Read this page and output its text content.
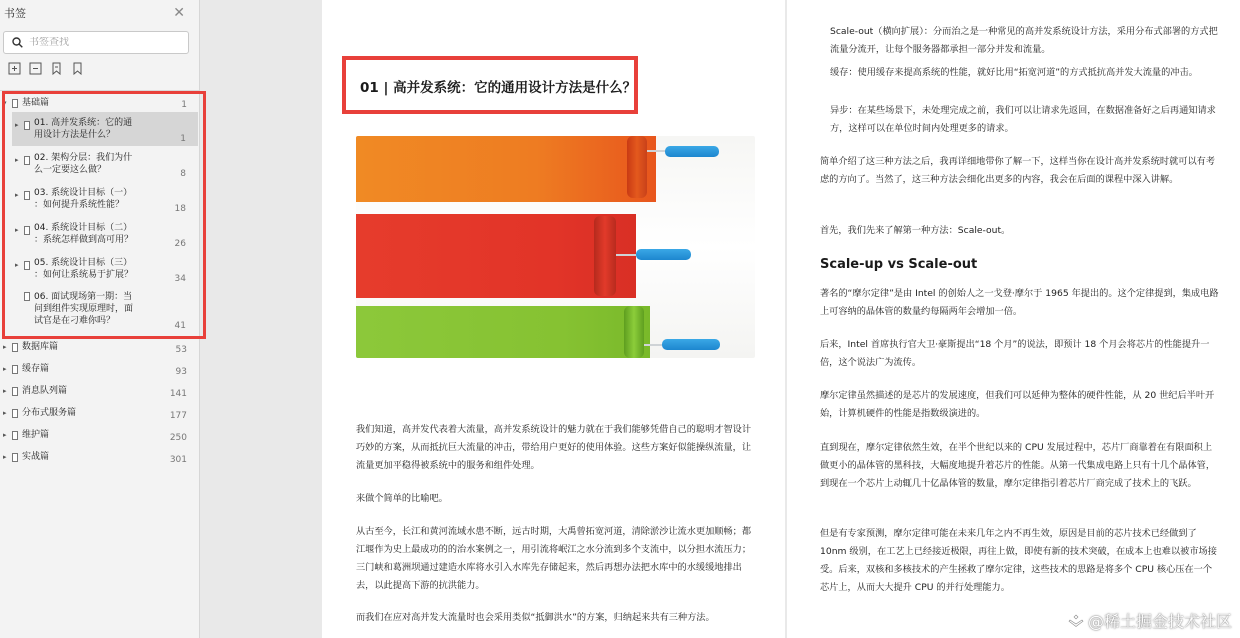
书签	✕
书签查找
▾ 基础篇	1
▸ 01. 高并发系统：它的通
用设计方法是什么？	1
▸ 02. 架构分层：我们为什
么一定要这么做？	8
▸ 03. 系统设计目标（一）
：如何提升系统性能？	18
▸ 04. 系统设计目标（二）
：系统怎样做到高可用？	26
▸ 05. 系统设计目标（三）
：如何让系统易于扩展？	34
06. 面试现场第一期：当
问到组件实现原理时，面
试官是在刁难你吗？	41
▸ 数据库篇	53
▸ 缓存篇	93
▸ 消息队列篇	141
▸ 分布式服务篇	177
▸ 维护篇	250
▸ 实战篇	301
01 | 高并发系统：它的通用设计方法是什么？
我们知道，高并发代表着大流量，高并发系统设计的魅力就在于我们能够凭借自己的聪明才智设计巧妙的方案，从而抵抗巨大流量的冲击，带给用户更好的使用体验。这些方案好似能操纵流量，让流量更加平稳得被系统中的服务和组件处理。
来做个简单的比喻吧。
从古至今，长江和黄河流域水患不断，远古时期，大禹曾拓宽河道，清除淤沙让流水更加顺畅；都江堰作为史上最成功的的治水案例之一，用引流将岷江之水分流到多个支流中，以分担水流压力；三门峡和葛洲坝通过建造水库将水引入水库先存储起来，然后再想办法把水库中的水缓缓地排出去，以此提高下游的抗洪能力。
而我们在应对高并发大流量时也会采用类似“抵御洪水”的方案，归纳起来共有三种方法。
Scale-out（横向扩展）：分而治之是一种常见的高并发系统设计方法，采用分布式部署的方式把流量分流开，让每个服务器都承担一部分并发和流量。
缓存：使用缓存来提高系统的性能，就好比用“拓宽河道”的方式抵抗高并发大流量的冲击。
异步：在某些场景下，未处理完成之前，我们可以让请求先返回，在数据准备好之后再通知请求方，这样可以在单位时间内处理更多的请求。
简单介绍了这三种方法之后，我再详细地带你了解一下，这样当你在设计高并发系统时就可以有考虑的方向了。当然了，这三种方法会细化出更多的内容，我会在后面的课程中深入讲解。
首先，我们先来了解第一种方法：Scale-out。
Scale-up vs Scale-out
著名的“摩尔定律”是由 Intel 的创始人之一戈登·摩尔于 1965 年提出的。这个定律提到，集成电路上可容纳的晶体管的数量约每隔两年会增加一倍。
后来，Intel 首席执行官大卫·豪斯提出“18 个月”的说法，即预计 18 个月会将芯片的性能提升一倍，这个说法广为流传。
摩尔定律虽然描述的是芯片的发展速度，但我们可以延伸为整体的硬件性能，从 20 世纪后半叶开始，计算机硬件的性能是指数级演进的。
直到现在，摩尔定律依然生效，在半个世纪以来的 CPU 发展过程中，芯片厂商靠着在有限面积上做更小的晶体管的黑科技，大幅度地提升着芯片的性能。从第一代集成电路上只有十几个晶体管，到现在一个芯片上动辄几十亿晶体管的数量，摩尔定律指引着芯片厂商完成了技术上的飞跃。
但是有专家预测，摩尔定律可能在未来几年之内不再生效，原因是目前的芯片技术已经做到了 10nm 级别，在工艺上已经接近极限，再往上做，即使有新的技术突破，在成本上也难以被市场接受。后来，双核和多核技术的产生拯救了摩尔定律，这些技术的思路是将多个 CPU 核心压在一个芯片上，从而大大提升 CPU 的并行处理能力。
@稀土掘金技术社区
